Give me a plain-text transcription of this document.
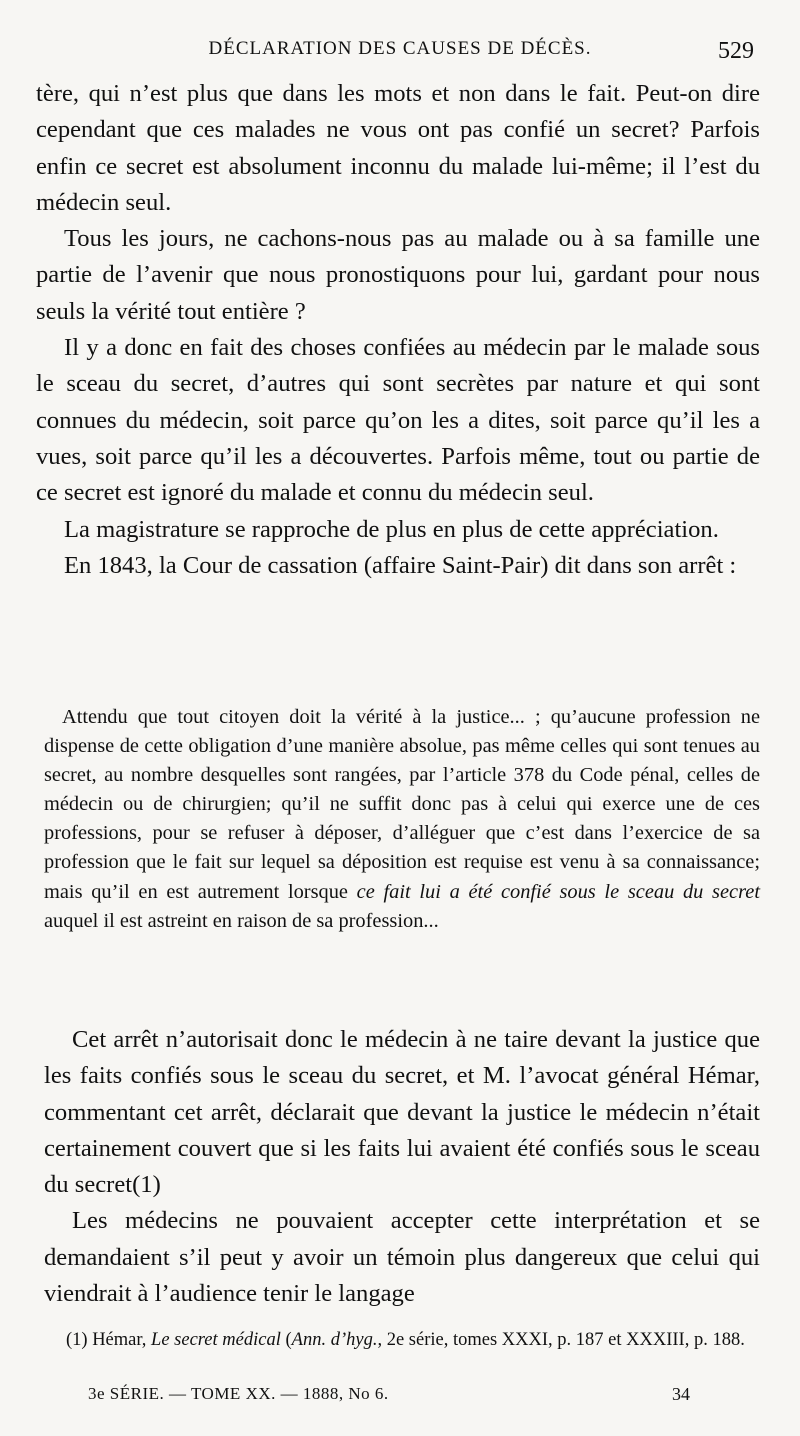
DÉCLARATION DES CAUSES DE DÉCÈS.	529

tère, qui n’est plus que dans les mots et non dans le fait. Peut-on dire cependant que ces malades ne vous ont pas confié un secret? Parfois enfin ce secret est absolument inconnu du malade lui-même; il l’est du médecin seul.

Tous les jours, ne cachons-nous pas au malade ou à sa famille une partie de l’avenir que nous pronostiquons pour lui, gardant pour nous seuls la vérité tout entière ?

Il y a donc en fait des choses confiées au médecin par le malade sous le sceau du secret, d’autres qui sont secrètes par nature et qui sont connues du médecin, soit parce qu’on les a dites, soit parce qu’il les a vues, soit parce qu’il les a découvertes. Parfois même, tout ou partie de ce secret est ignoré du malade et connu du médecin seul.

La magistrature se rapproche de plus en plus de cette appréciation.

En 1843, la Cour de cassation (affaire Saint-Pair) dit dans son arrêt :

Attendu que tout citoyen doit la vérité à la justice... ; qu’aucune profession ne dispense de cette obligation d’une manière absolue, pas même celles qui sont tenues au secret, au nombre desquelles sont rangées, par l’article 378 du Code pénal, celles de médecin ou de chirurgien; qu’il ne suffit donc pas à celui qui exerce une de ces professions, pour se refuser à déposer, d’alléguer que c’est dans l’exercice de sa profession que le fait sur lequel sa déposition est requise est venu à sa connaissance; mais qu’il en est autrement lorsque ce fait lui a été confié sous le sceau du secret auquel il est astreint en raison de sa profession...

Cet arrêt n’autorisait donc le médecin à ne taire devant la justice que les faits confiés sous le sceau du secret, et M. l’avocat général Hémar, commentant cet arrêt, déclarait que devant la justice le médecin n’était certainement couvert que si les faits lui avaient été confiés sous le sceau du secret(1)

Les médecins ne pouvaient accepter cette interprétation et se demandaient s’il peut y avoir un témoin plus dangereux que celui qui viendrait à l’audience tenir le langage

(1) Hémar, Le secret médical (Ann. d’hyg., 2e série, tomes XXXI, p. 187 et XXXIII, p. 188.

3e SÉRIE. — TOME XX. — 1888, No 6.	34
